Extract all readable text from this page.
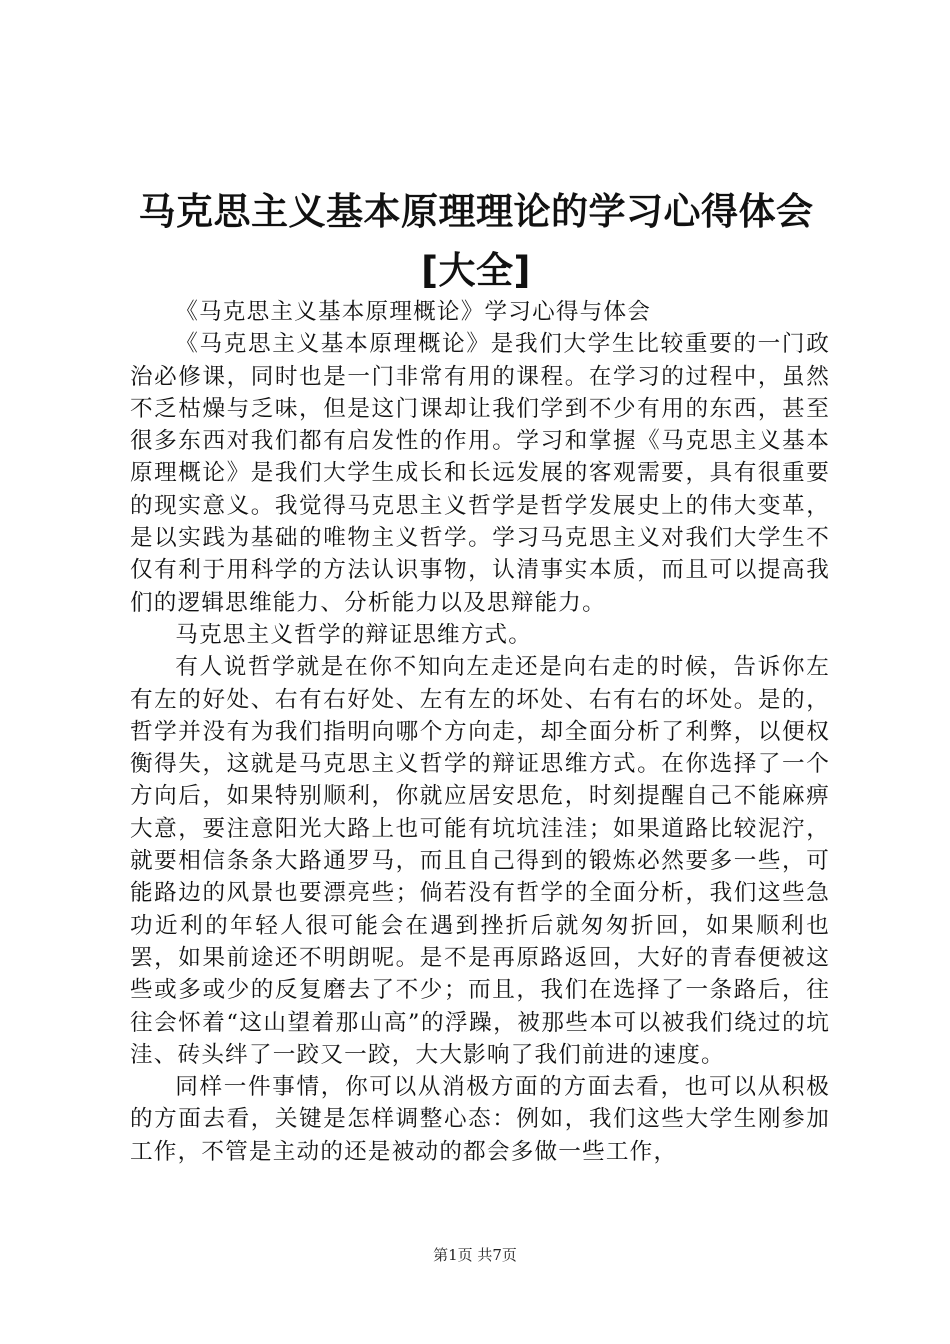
马克思主义基本原理理论的学习心得体会[大全]

《马克思主义基本原理概论》学习心得与体会

《马克思主义基本原理概论》是我们大学生比较重要的一门政治必修课，同时也是一门非常有用的课程。在学习的过程中，虽然不乏枯燥与乏味，但是这门课却让我们学到不少有用的东西，甚至很多东西对我们都有启发性的作用。学习和掌握《马克思主义基本原理概论》是我们大学生成长和长远发展的客观需要，具有很重要的现实意义。我觉得马克思主义哲学是哲学发展史上的伟大变革，是以实践为基础的唯物主义哲学。学习马克思主义对我们大学生不仅有利于用科学的方法认识事物，认清事实本质，而且可以提高我们的逻辑思维能力、分析能力以及思辩能力。

马克思主义哲学的辩证思维方式。

有人说哲学就是在你不知向左走还是向右走的时候，告诉你左有左的好处、右有右好处、左有左的坏处、右有右的坏处。是的，哲学并没有为我们指明向哪个方向走，却全面分析了利弊，以便权衡得失，这就是马克思主义哲学的辩证思维方式。在你选择了一个方向后，如果特别顺利，你就应居安思危，时刻提醒自己不能麻痹大意，要注意阳光大路上也可能有坑坑洼洼；如果道路比较泥泞，就要相信条条大路通罗马，而且自己得到的锻炼必然要多一些，可能路边的风景也要漂亮些；倘若没有哲学的全面分析，我们这些急功近利的年轻人很可能会在遇到挫折后就匆匆折回，如果顺利也罢，如果前途还不明朗呢。是不是再原路返回，大好的青春便被这些或多或少的反复磨去了不少；而且，我们在选择了一条路后，往往会怀着“这山望着那山高”的浮躁，被那些本可以被我们绕过的坑洼、砖头绊了一跤又一跤，大大影响了我们前进的速度。

同样一件事情，你可以从消极方面的方面去看，也可以从积极的方面去看，关键是怎样调整心态：例如，我们这些大学生刚参加工作，不管是主动的还是被动的都会多做一些工作，

第1页 共7页
